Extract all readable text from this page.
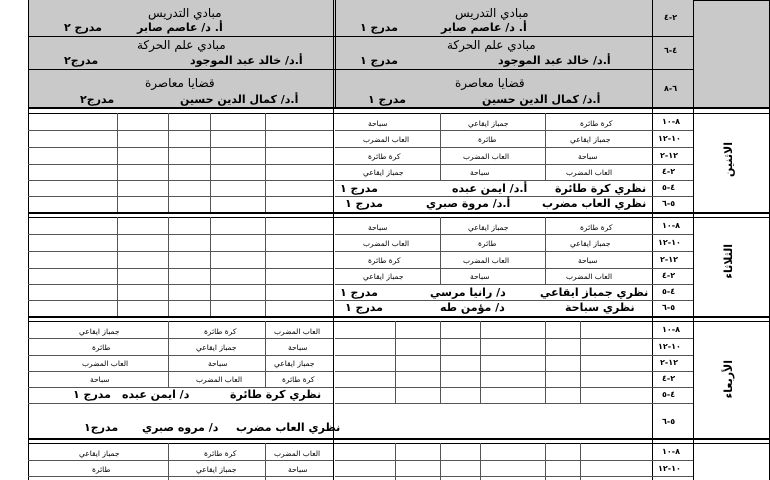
مبادي التدريس
أ. د/ عاصم صابر
مدرج ٢
مبادي علم الحركة
أ.د/ خالد عبد الموجود
مدرج٢
قضايا معاصرة
أ.د/ كمال الدين حسين
مدرج٢
مبادي التدريس
أ. د/ عاصم صابر
مدرج ١
مبادي علم الحركة
أ.د/ خالد عبد الموجود
مدرج ١
قضايا معاصرة
أ.د/ كمال الدين حسين
مدرج ١
٢-٤
٤-٦
٦-٨
الاثنين
٨-١٠
١٠-١٢
١٢-٢
٢-٤
٤-٥
٥-٦
كرة طائرة
جمباز ايقاعي
سباحة
جمباز ايقاعي
طائرة
العاب المضرب
سباحة
العاب المضرب
كرة طائرة
العاب المضرب
سباحة
جمباز ايقاعي
نظري كرة طائرة
أ.د/ ايمن عبده
مدرج ١
نظري العاب مضرب
أ.د/ مروة صبري
مدرج ١
الثلاثاء
٨-١٠
١٠-١٢
١٢-٢
٢-٤
٤-٥
٥-٦
كرة طائرة
جمباز ايقاعي
سباحة
جمباز ايقاعي
طائرة
العاب المضرب
سباحة
العاب المضرب
كرة طائرة
العاب المضرب
سباحة
جمباز ايقاعي
نظري جمباز ايقاعي
د/ رانيا مرسي
مدرج ١
نظري سباحة
د/ مؤمن طه
مدرج ١
الأربعاء
٨-١٠
١٠-١٢
١٢-٢
٢-٤
٤-٥
٥-٦
العاب المضرب
كرة طائرة
جمباز ايقاعي
سباحة
جمباز ايقاعي
طائرة
جمباز ايقاعي
سباحة
العاب المضرب
كرة طائرة
العاب المضرب
سباحة
نظري كرة طائرة
د/ ايمن عبده
مدرج ١
نظري العاب مضرب
د/ مروه صبري
مدرج١
٨-١٠
١٠-١٢
العاب المضرب
كرة طائرة
جمباز ايقاعي
سباحة
جمباز ايقاعي
طائرة
